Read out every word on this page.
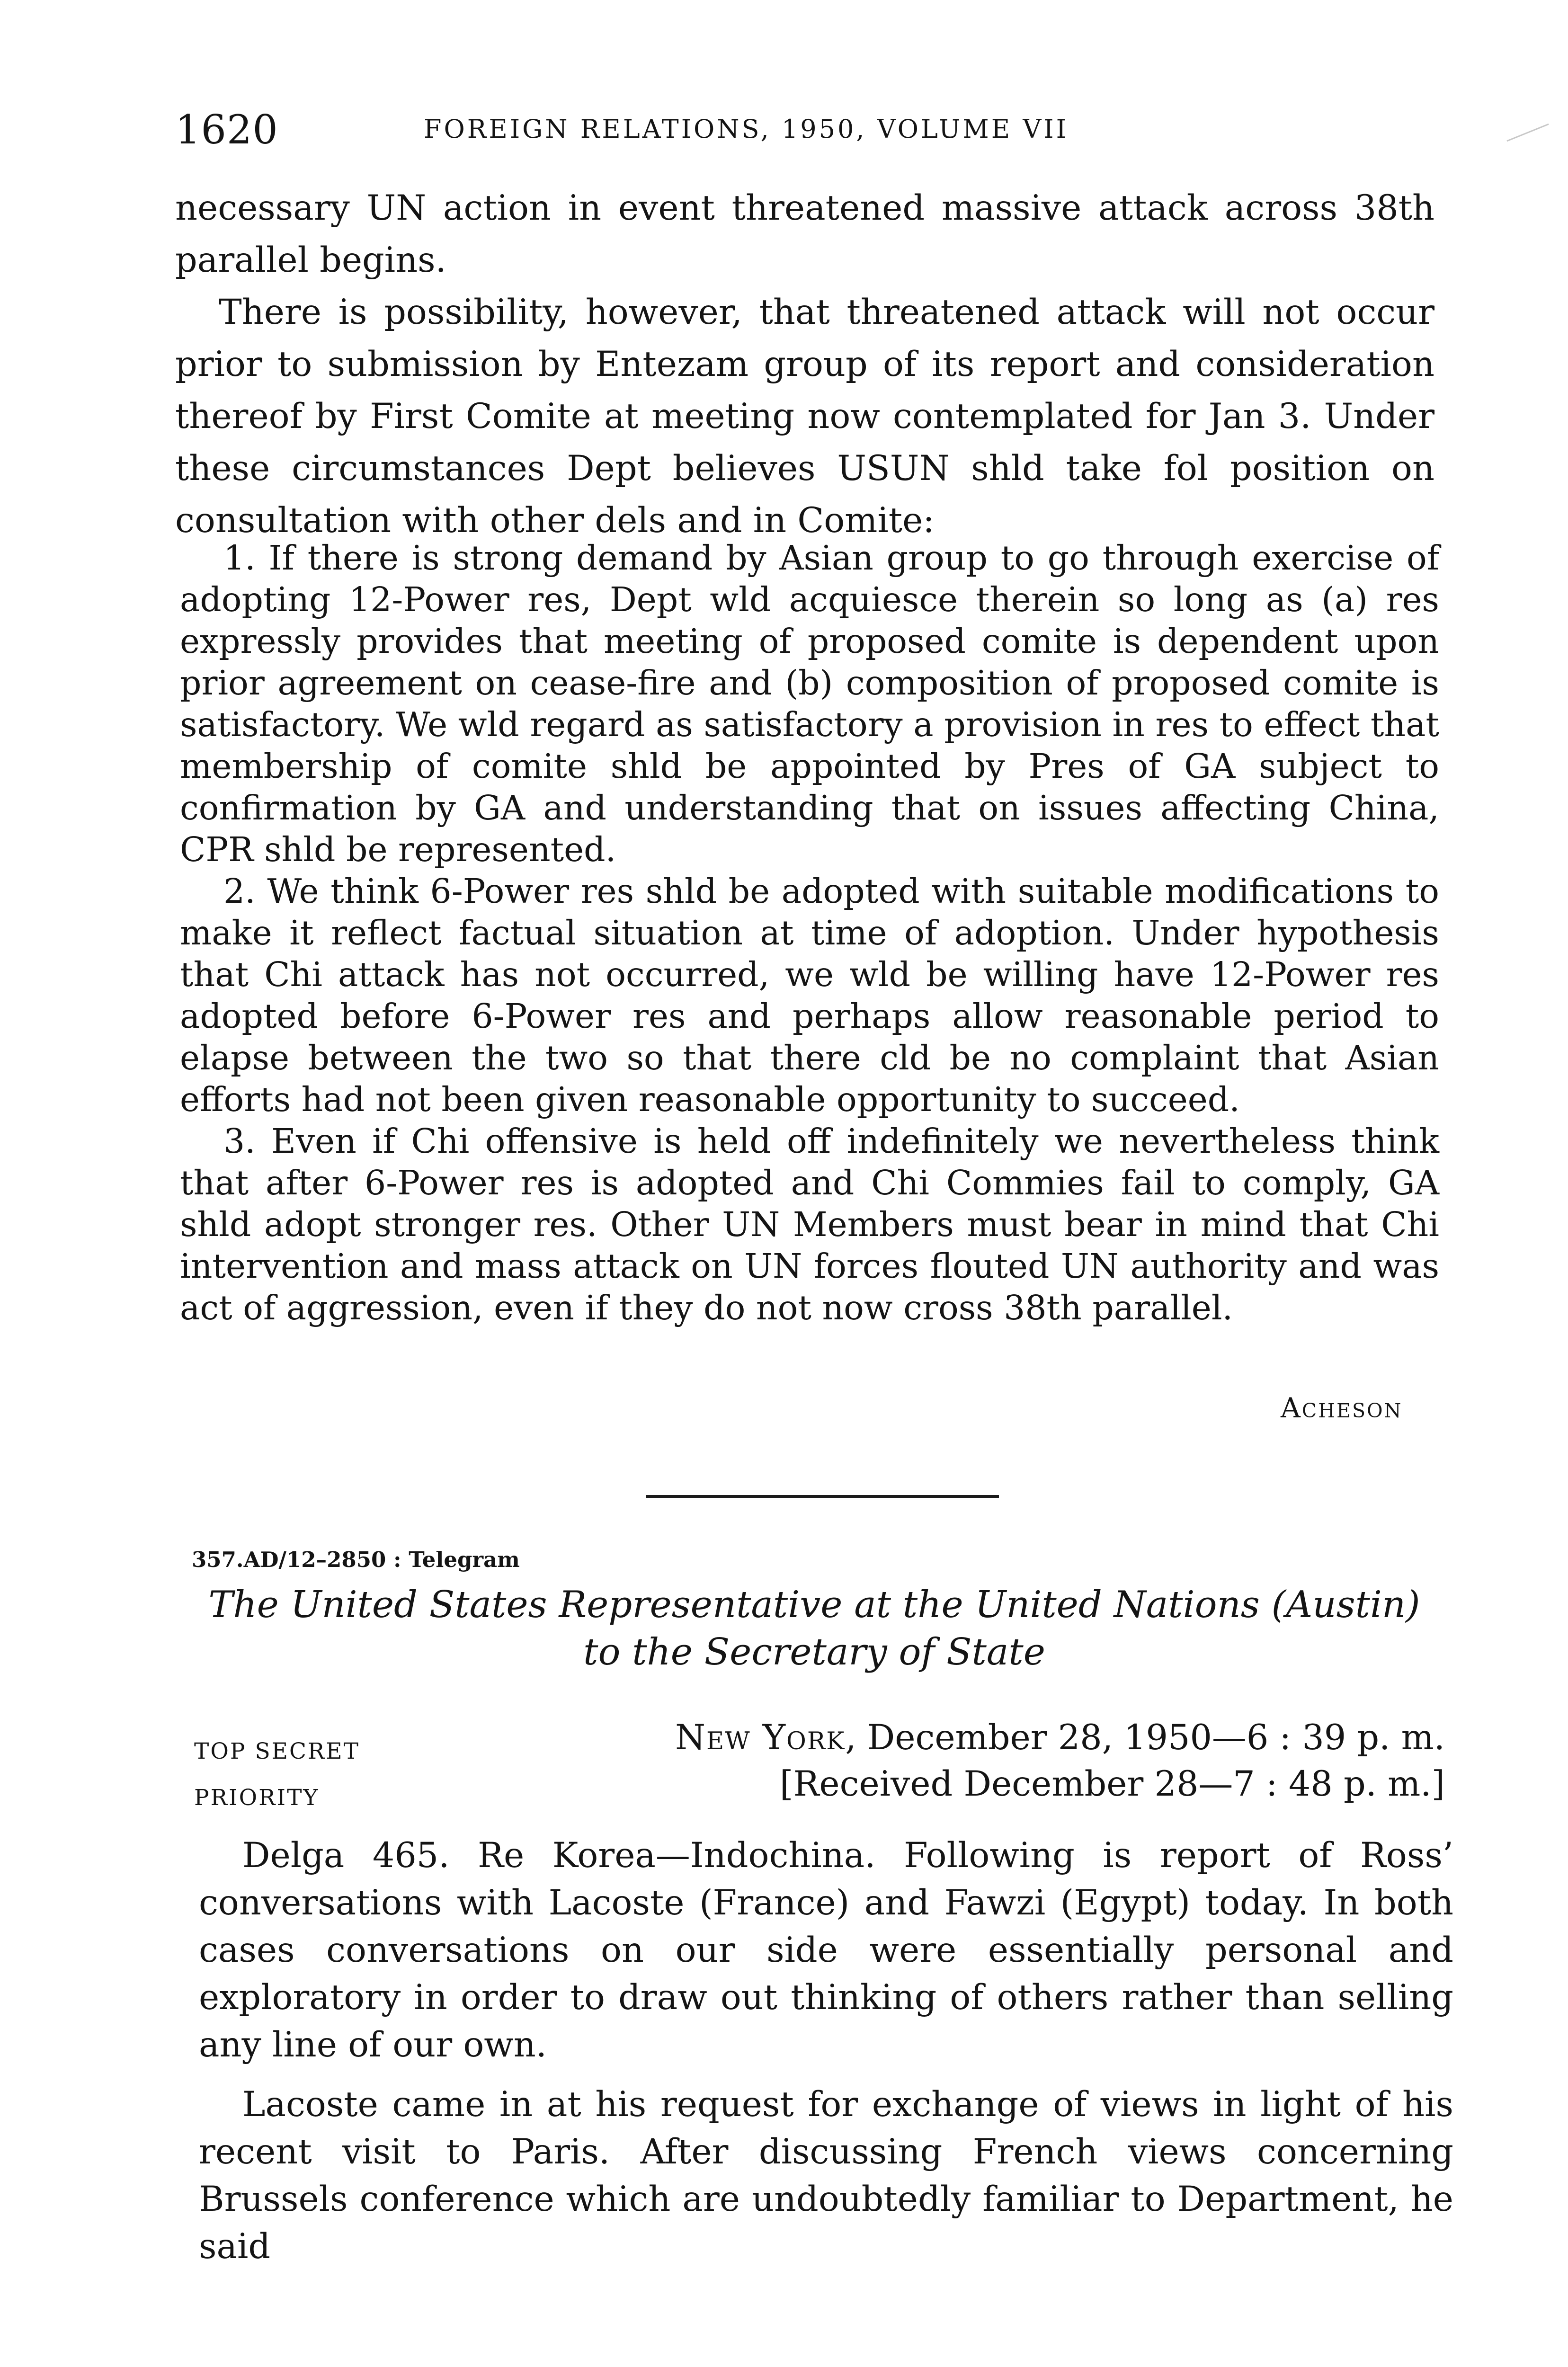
1620	FOREIGN RELATIONS, 1950, VOLUME VII

necessary UN action in event threatened massive attack across 38th parallel begins.

There is possibility, however, that threatened attack will not occur prior to submission by Entezam group of its report and consideration thereof by First Comite at meeting now contemplated for Jan 3. Under these circumstances Dept believes USUN shld take fol position on consultation with other dels and in Comite:

1. If there is strong demand by Asian group to go through exercise of adopting 12-Power res, Dept wld acquiesce therein so long as (a) res expressly provides that meeting of proposed comite is dependent upon prior agreement on cease-fire and (b) composition of proposed comite is satisfactory. We wld regard as satisfactory a provision in res to effect that membership of comite shld be appointed by Pres of GA subject to confirmation by GA and understanding that on issues affecting China, CPR shld be represented.

2. We think 6-Power res shld be adopted with suitable modifications to make it reflect factual situation at time of adoption. Under hypothesis that Chi attack has not occurred, we wld be willing have 12-Power res adopted before 6-Power res and perhaps allow reasonable period to elapse between the two so that there cld be no complaint that Asian efforts had not been given reasonable opportunity to succeed.

3. Even if Chi offensive is held off indefinitely we nevertheless think that after 6-Power res is adopted and Chi Commies fail to comply, GA shld adopt stronger res. Other UN Members must bear in mind that Chi intervention and mass attack on UN forces flouted UN authority and was act of aggression, even if they do not now cross 38th parallel.

Acheson
357.AD/12–2850 : Telegram
The United States Representative at the United Nations (Austin)
to the Secretary of State
TOP SECRET
PRIORITY
New York, December 28, 1950—6 : 39 p. m.
[Received December 28—7 : 48 p. m.]

Delga 465. Re Korea—Indochina. Following is report of Ross’ conversations with Lacoste (France) and Fawzi (Egypt) today. In both cases conversations on our side were essentially personal and exploratory in order to draw out thinking of others rather than selling any line of our own.

Lacoste came in at his request for exchange of views in light of his recent visit to Paris. After discussing French views concerning Brussels conference which are undoubtedly familiar to Department, he said
